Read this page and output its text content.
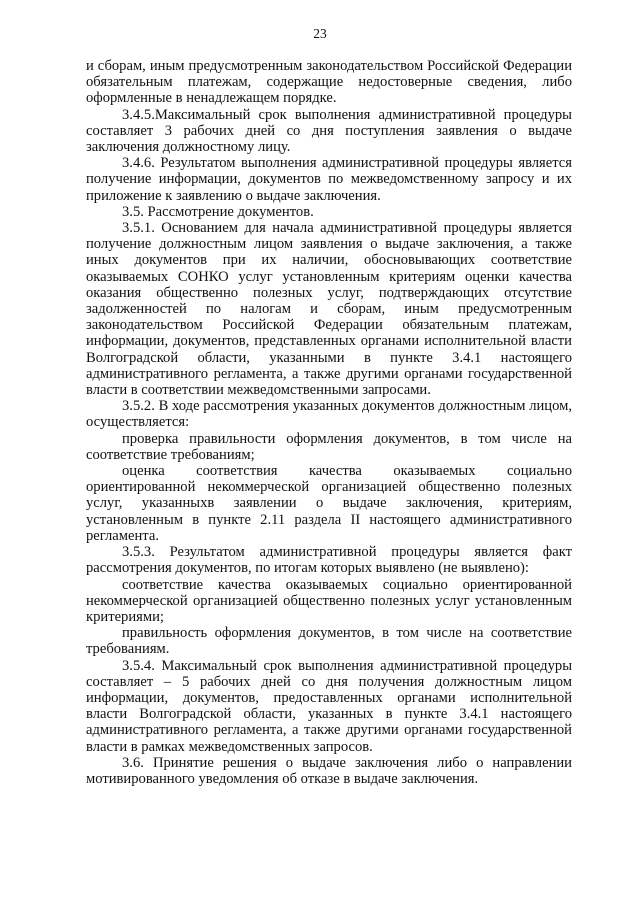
23

и сборам, иным предусмотренным законодательством Российской Федерации обязательным платежам, содержащие недостоверные сведения, либо оформленные в ненадлежащем порядке.

3.4.5.Максимальный срок выполнения административной процедуры составляет 3 рабочих дней со дня поступления заявления о выдаче заключения должностному лицу.

3.4.6. Результатом выполнения административной процедуры является получение информации, документов по межведомственному запросу и их приложение к заявлению о выдаче заключения.

3.5. Рассмотрение документов.

3.5.1. Основанием для начала административной процедуры является получение должностным лицом заявления о выдаче заключения, а также иных документов при их наличии, обосновывающих соответствие оказываемых СОНКО услуг установленным критериям оценки качества оказания общественно полезных услуг, подтверждающих отсутствие задолженностей по налогам и сборам, иным предусмотренным законодательством Российской Федерации обязательным платежам, информации, документов, представленных органами исполнительной власти Волгоградской области, указанными в пункте 3.4.1 настоящего административного регламента, а также другими органами государственной власти в соответствии межведомственными запросами.

3.5.2. В ходе рассмотрения указанных документов должностным лицом, осуществляется:

проверка правильности оформления документов, в том числе на соответствие требованиям;

оценка соответствия качества оказываемых социально ориентированной некоммерческой организацией общественно полезных услуг, указанныхв заявлении о выдаче заключения, критериям, установленным в пункте 2.11 раздела II настоящего административного регламента.

3.5.3. Результатом административной процедуры является факт рассмотрения документов, по итогам которых выявлено (не выявлено):

соответствие качества оказываемых социально ориентированной некоммерческой организацией общественно полезных услуг установленным критериями;

правильность оформления документов, в том числе на соответствие требованиям.

3.5.4. Максимальный срок выполнения административной процедуры составляет – 5 рабочих дней со дня получения должностным лицом информации, документов, предоставленных органами исполнительной власти Волгоградской области, указанных в пункте 3.4.1 настоящего административного регламента, а также другими органами государственной власти в рамках межведомственных запросов.

3.6. Принятие решения о выдаче заключения либо о направлении мотивированного уведомления об отказе в выдаче заключения.
